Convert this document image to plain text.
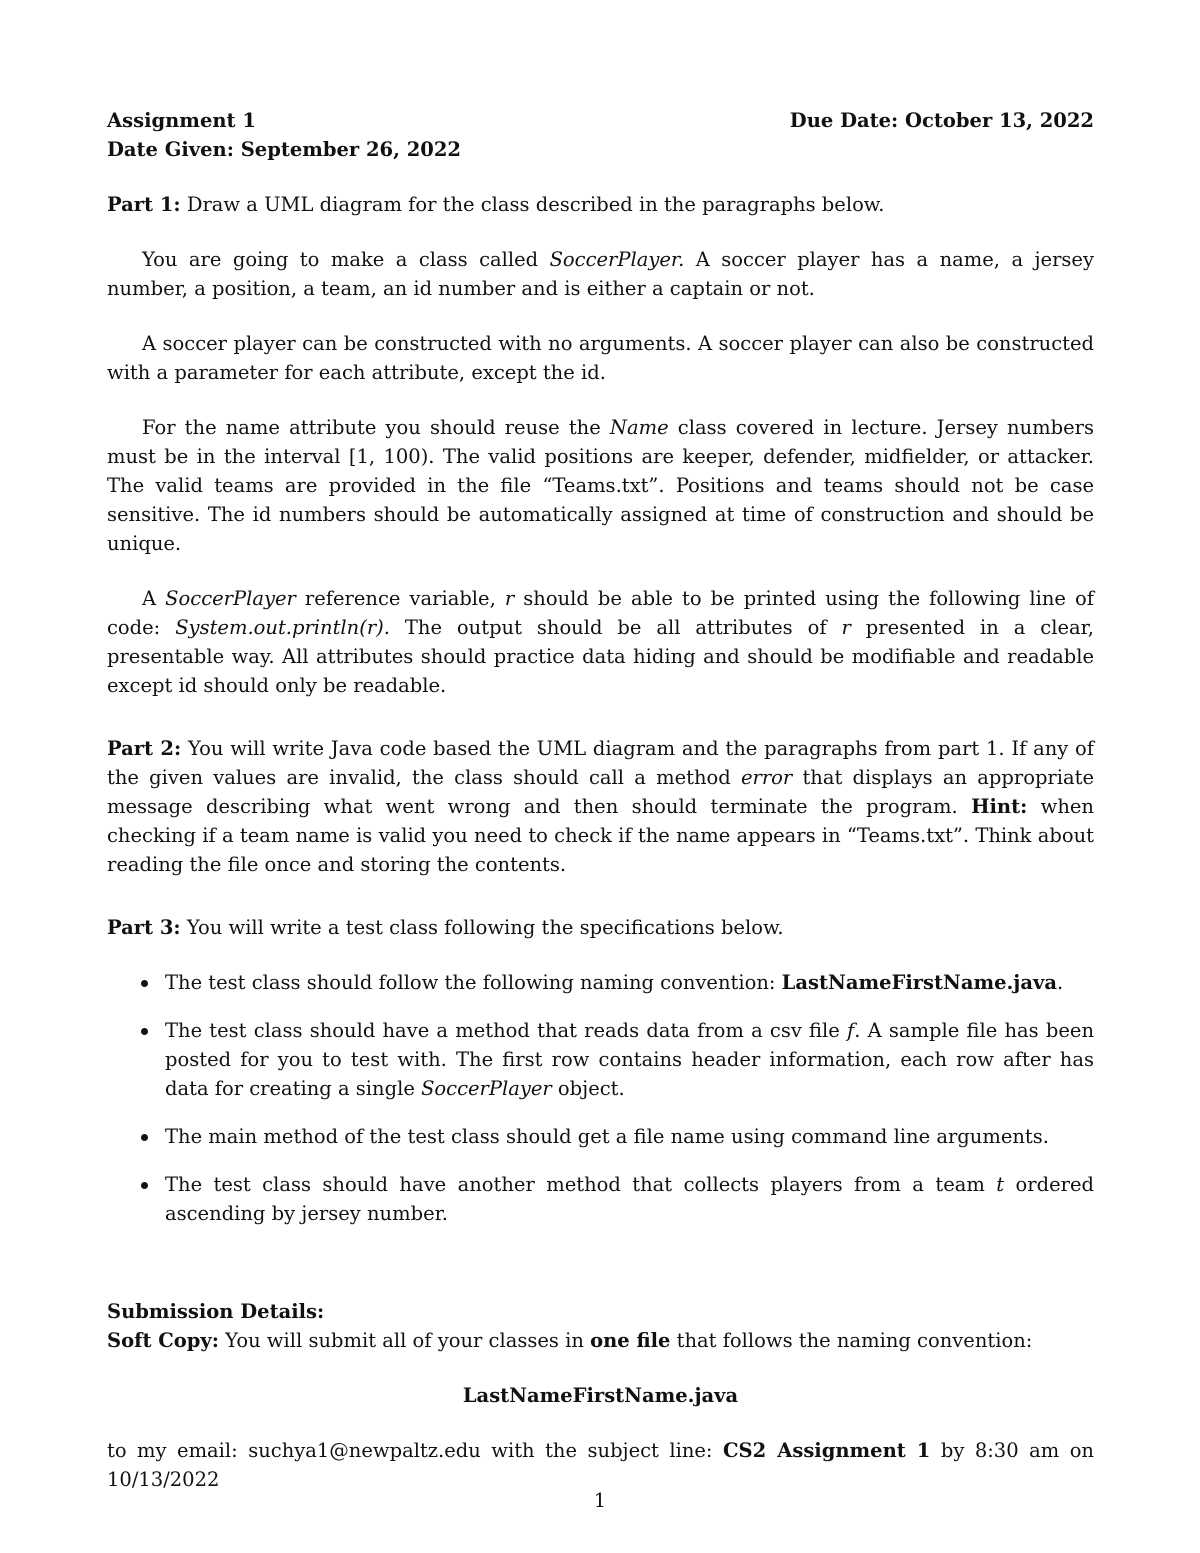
Assignment 1	Due Date: October 13, 2022
Date Given: September 26, 2022

Part 1: Draw a UML diagram for the class described in the paragraphs below.

You are going to make a class called SoccerPlayer. A soccer player has a name, a jersey number, a position, a team, an id number and is either a captain or not.

A soccer player can be constructed with no arguments. A soccer player can also be constructed with a parameter for each attribute, except the id.

For the name attribute you should reuse the Name class covered in lecture. Jersey numbers must be in the interval [1, 100). The valid positions are keeper, defender, midfielder, or attacker. The valid teams are provided in the file “Teams.txt”. Positions and teams should not be case sensitive. The id numbers should be automatically assigned at time of construction and should be unique.

A SoccerPlayer reference variable, r should be able to be printed using the following line of code: System.out.println(r). The output should be all attributes of r presented in a clear, presentable way. All attributes should practice data hiding and should be modifiable and readable except id should only be readable.

Part 2: You will write Java code based the UML diagram and the paragraphs from part 1. If any of the given values are invalid, the class should call a method error that displays an appropriate message describing what went wrong and then should terminate the program. Hint: when checking if a team name is valid you need to check if the name appears in “Teams.txt”. Think about reading the file once and storing the contents.

Part 3: You will write a test class following the specifications below.

The test class should follow the following naming convention: LastNameFirstName.java.
The test class should have a method that reads data from a csv file f. A sample file has been posted for you to test with. The first row contains header information, each row after has data for creating a single SoccerPlayer object.
The main method of the test class should get a file name using command line arguments.
The test class should have another method that collects players from a team t ordered ascending by jersey number.
Submission Details:

Soft Copy: You will submit all of your classes in one file that follows the naming convention:

LastNameFirstName.java

to my email: suchya1@newpaltz.edu with the subject line: CS2 Assignment 1 by 8:30 am on 10/13/2022

1
